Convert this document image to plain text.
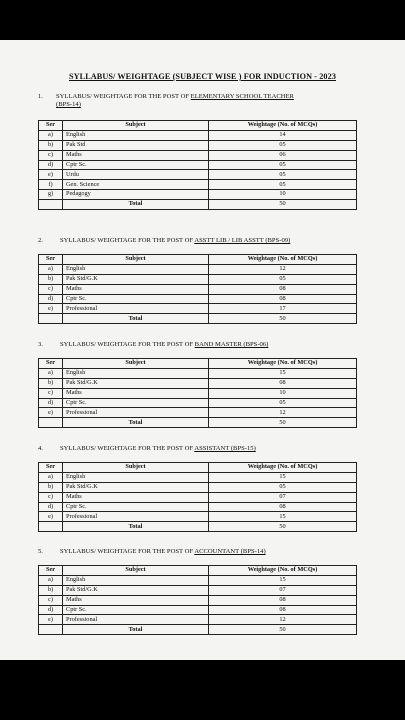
SYLLABUS/ WEIGHTAGE (SUBJECT WISE ) FOR INDUCTION - 2023
1. SYLLABUS/ WEIGHTAGE FOR THE POST OF ELEMENTARY SCHOOL TEACHER
(BPS-14)
Ser	Subject	Weightage (No. of MCQs)
a)	English	14
b)	Pak Std	05
c)	Maths	06
d)	Cptr Sc.	05
e)	Urdu	05
f)	Gen. Science	05
g)	Pedagogy	10
	Total	50
2.	SYLLABUS/ WEIGHTAGE FOR THE POST OF ASSTT LIB / LIB ASSTT (BPS-09)
Ser	Subject	Weightage (No. of MCQs)
a)	English	12
b)	Pak Std/G.K	05
c)	Maths	08
d)	Cptr Sc.	08
e)	Professional	17
	Total	50
3.	SYLLABUS/ WEIGHTAGE FOR THE POST OF BAND MASTER (BPS-06)
Ser	Subject	Weightage (No. of MCQs)
a)	English	15
b)	Pak Std/G.K	08
c)	Maths	10
d)	Cptr Sc.	05
e)	Professional	12
	Total	50
4.	SYLLABUS/ WEIGHTAGE FOR THE POST OF ASSISTANT (BPS-15)
Ser	Subject	Weightage (No. of MCQs)
a)	English	15
b)	Pak Std/G.K	05
c)	Maths	07
d)	Cptr Sc.	08
e)	Professional	15
	Total	50
5.	SYLLABUS/ WEIGHTAGE FOR THE POST OF ACCOUNTANT (BPS-14)
Ser	Subject	Weightage (No. of MCQs)
a)	English	15
b)	Pak Std/G.K	07
c)	Maths	08
d)	Cptr Sc.	08
e)	Professional	12
	Total	50
